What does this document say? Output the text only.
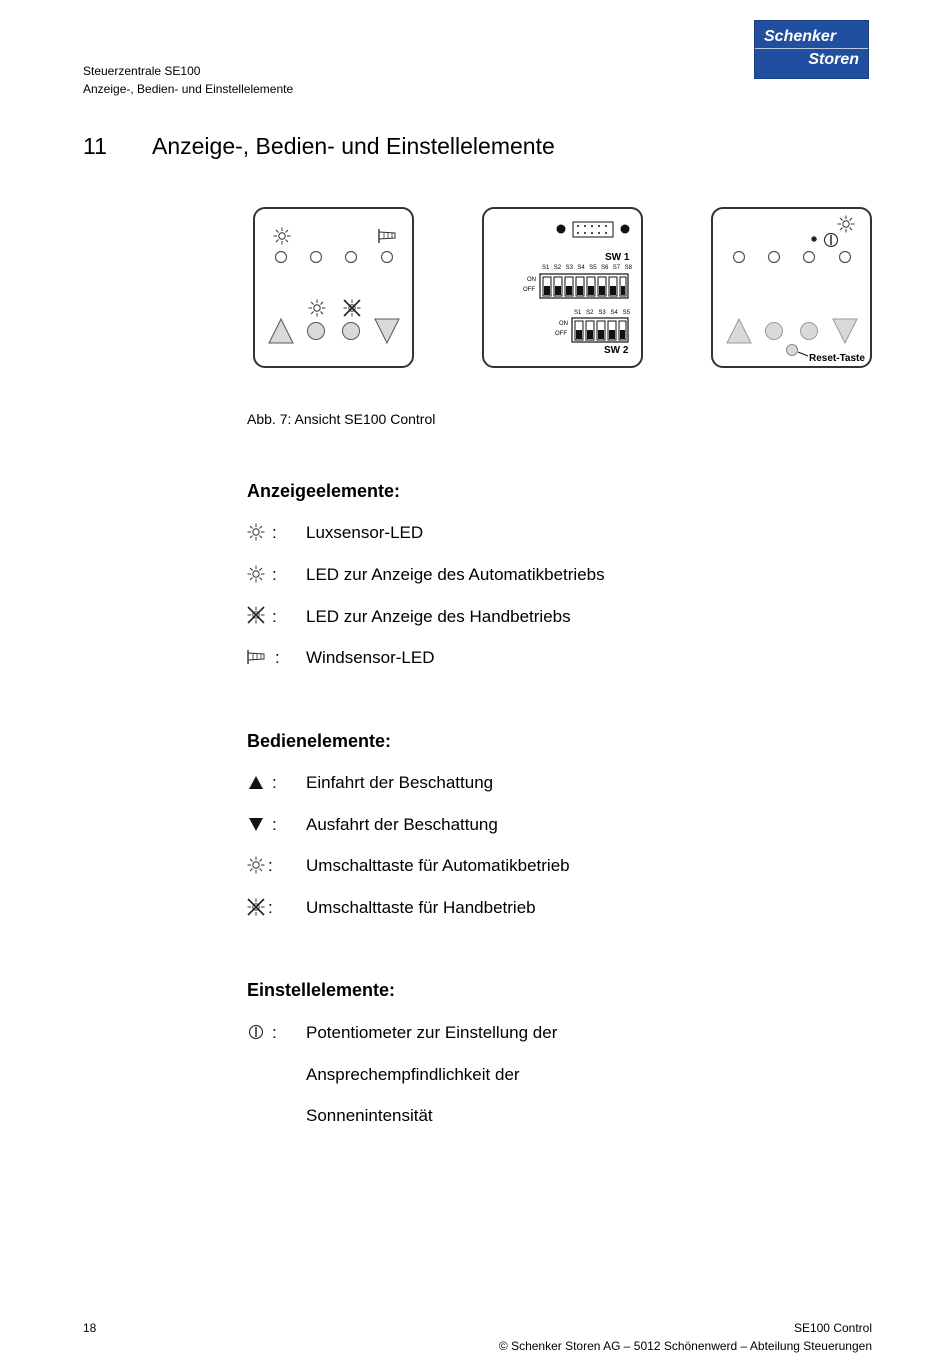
Steuerzentrale SE100
Anzeige-, Bedien- und Einstellelemente
Schenker
Storen
11 Anzeige-, Bedien- und Einstellelemente
SW 1
S1 S2 S3 S4 S5 S6 S7 S8
ON
OFF
S1 S2 S3 S4 S5
ON
OFF
SW 2
Reset-Taste
Abb. 7: Ansicht SE100 Control
Anzeigeelemente:
: Luxsensor-LED
: LED zur Anzeige des Automatikbetriebs
: LED zur Anzeige des Handbetriebs
: Windsensor-LED
Bedienelemente:
: Einfahrt der Beschattung
: Ausfahrt der Beschattung
: Umschalttaste für Automatikbetrieb
: Umschalttaste für Handbetrieb
Einstellelemente:
: Potentiometer zur Einstellung der
Ansprechempfindlichkeit der
Sonnenintensität
18	SE100 Control
© Schenker Storen AG – 5012 Schönenwerd – Abteilung Steuerungen
